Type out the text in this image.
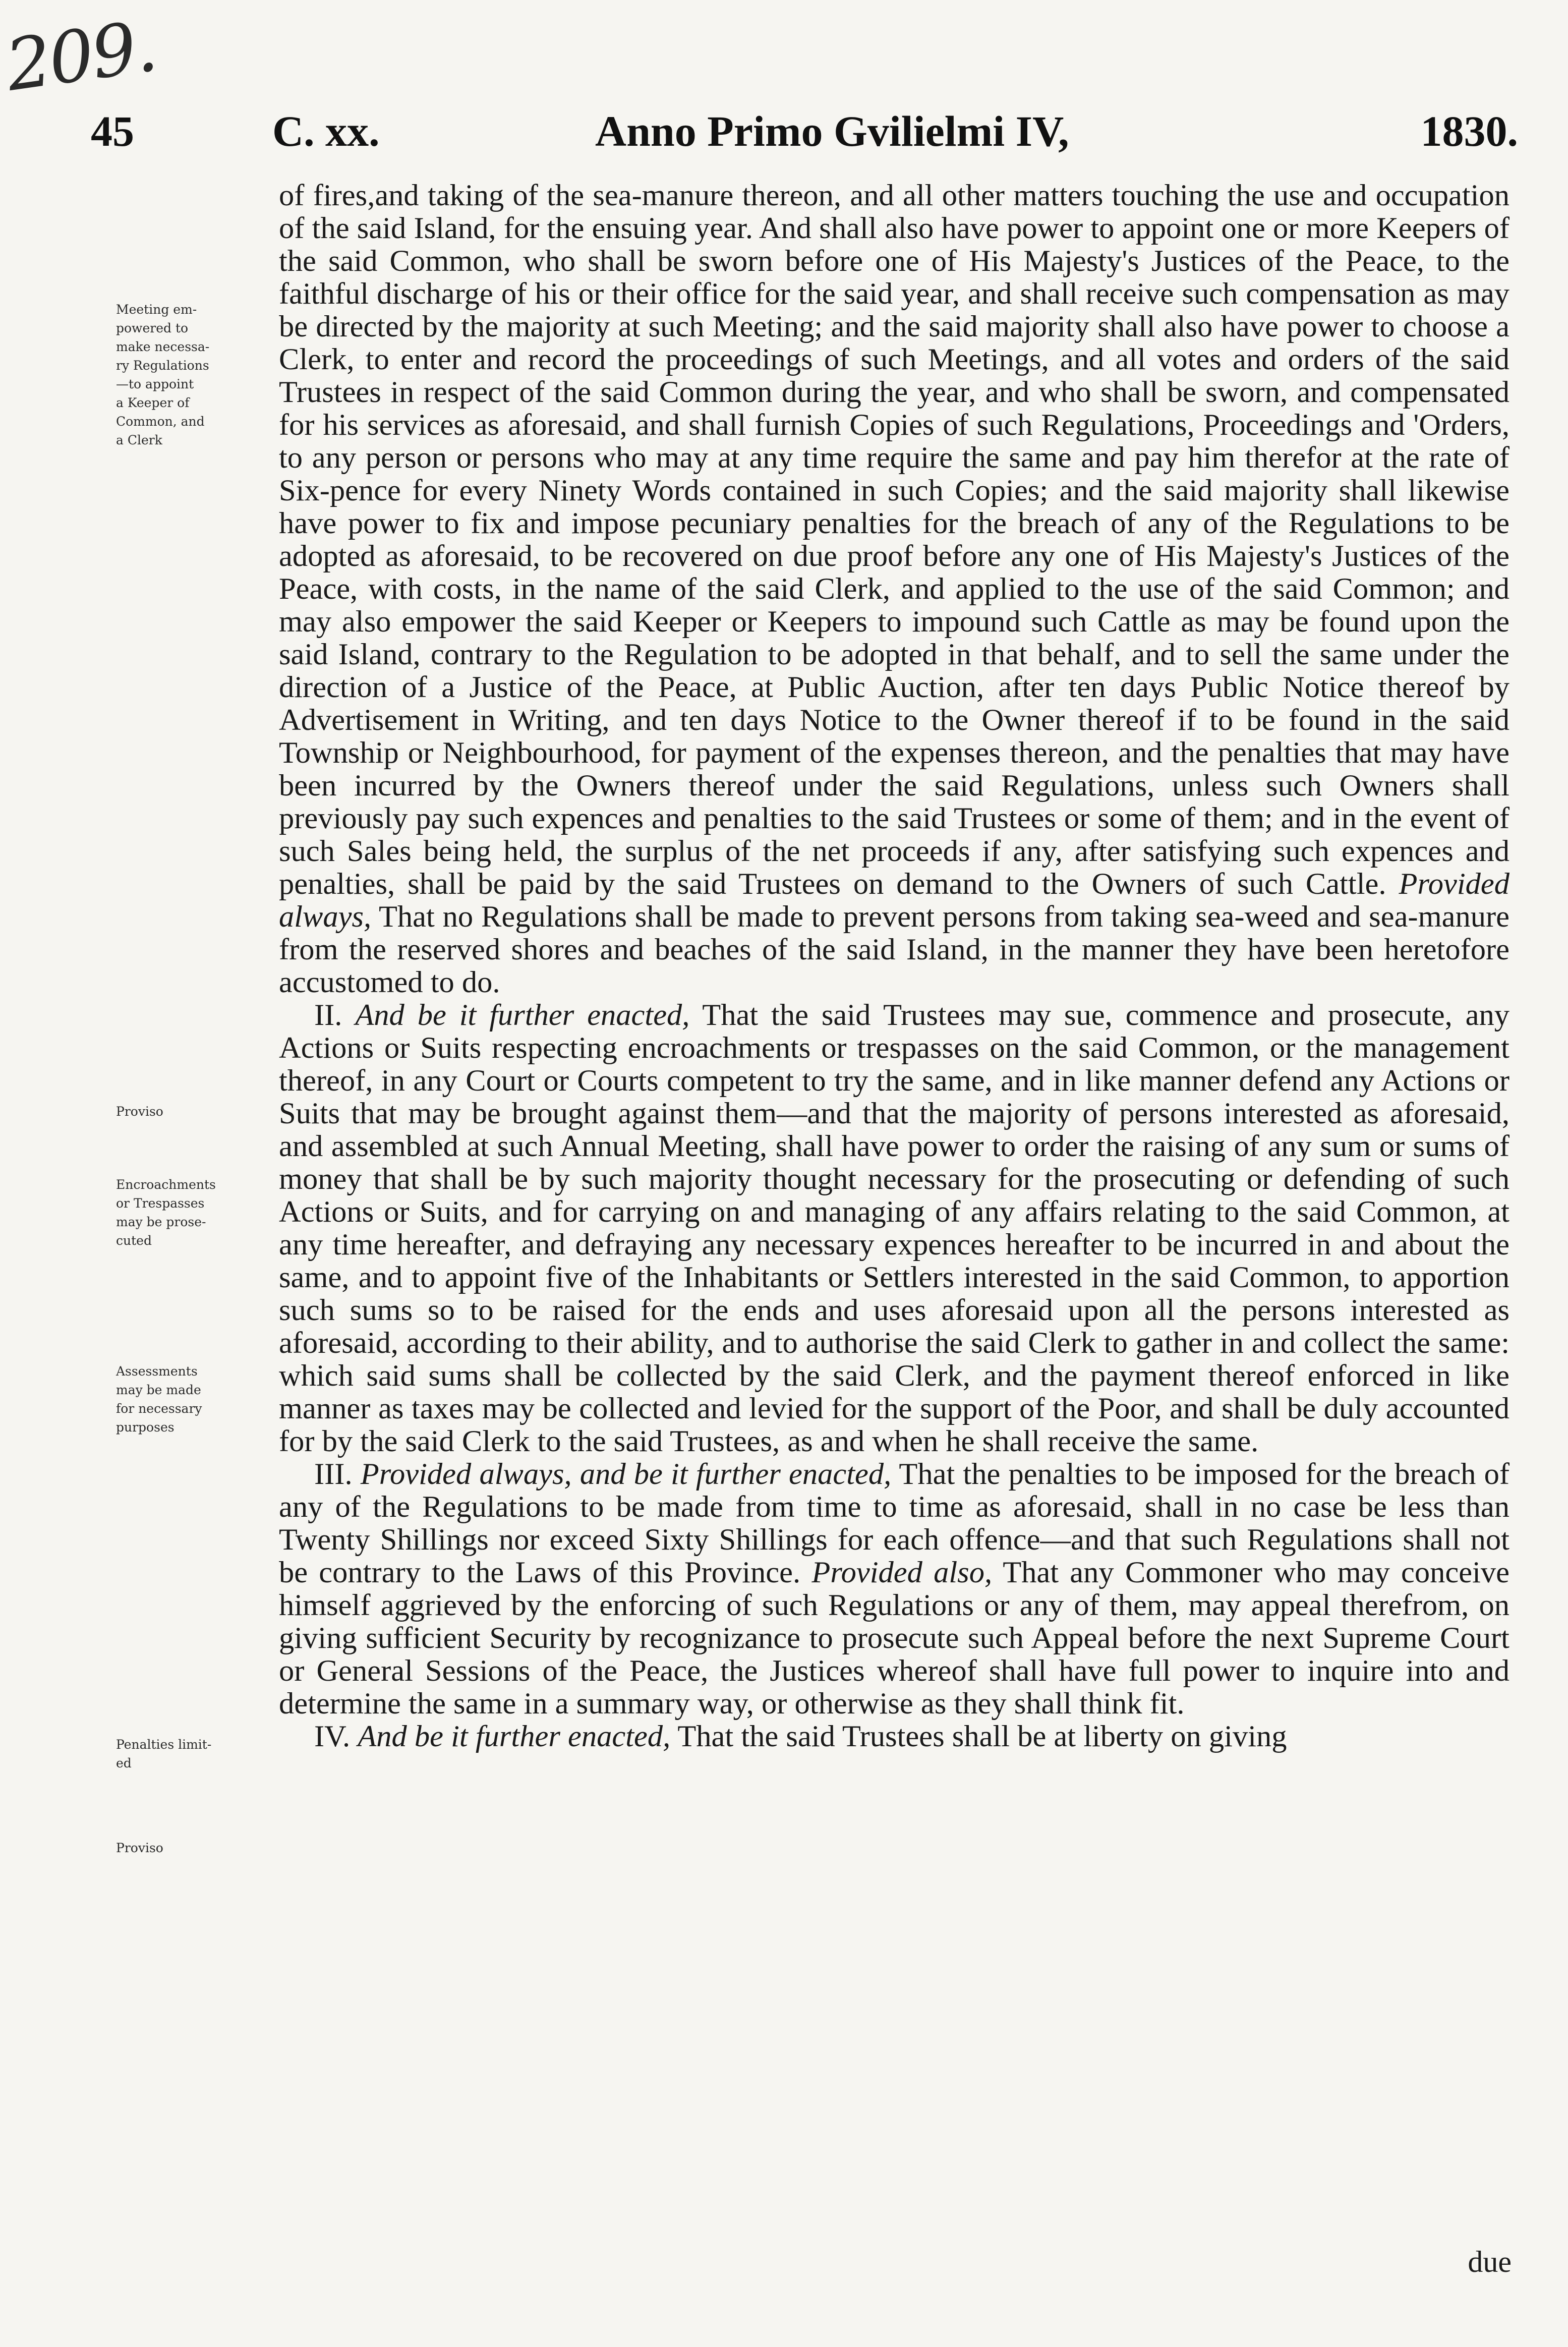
209.
45	C. xx.	Anno Primo Gvilielmi IV,	1830.
Meeting em-
powered to
make necessa-
ry Regulations
—to appoint
a Keeper of
Common, and
a Clerk
Proviso
Encroachments
or Trespasses
may be prose-
cuted
Assessments
may be made
for necessary
purposes
Penalties limit-
ed
Proviso

of fires,and taking of the sea-manure thereon, and all other matters touching the use and occupation of the said Island, for the ensuing year. And shall also have power to appoint one or more Keepers of the said Common, who shall be sworn before one of His Majesty's Justices of the Peace, to the faithful discharge of his or their office for the said year, and shall receive such compensation as may be directed by the majority at such Meeting; and the said majority shall also have power to choose a Clerk, to enter and record the proceedings of such Meetings, and all votes and orders of the said Trustees in respect of the said Common during the year, and who shall be sworn, and compensated for his services as aforesaid, and shall furnish Copies of such Regulations, Proceedings and 'Orders, to any person or persons who may at any time require the same and pay him therefor at the rate of Six-pence for every Ninety Words contained in such Copies; and the said majority shall likewise have power to fix and impose pecuniary penalties for the breach of any of the Regulations to be adopted as aforesaid, to be recovered on due proof before any one of His Majesty's Justices of the Peace, with costs, in the name of the said Clerk, and applied to the use of the said Common; and may also empower the said Keeper or Keepers to impound such Cattle as may be found upon the said Island, contrary to the Regulation to be adopted in that behalf, and to sell the same under the direction of a Justice of the Peace, at Public Auction, after ten days Public Notice thereof by Advertisement in Writing, and ten days Notice to the Owner thereof if to be found in the said Township or Neighbourhood, for payment of the expenses thereon, and the penalties that may have been incurred by the Owners thereof under the said Regulations, unless such Owners shall previously pay such expences and penalties to the said Trustees or some of them; and in the event of such Sales being held, the surplus of the net proceeds if any, after satisfying such expences and penalties, shall be paid by the said Trustees on demand to the Owners of such Cattle. Provided always, That no Regulations shall be made to prevent persons from taking sea-weed and sea-manure from the reserved shores and beaches of the said Island, in the manner they have been heretofore accustomed to do.

II. And be it further enacted, That the said Trustees may sue, commence and prosecute, any Actions or Suits respecting encroachments or trespasses on the said Common, or the management thereof, in any Court or Courts competent to try the same, and in like manner defend any Actions or Suits that may be brought against them—and that the majority of persons interested as aforesaid, and assembled at such Annual Meeting, shall have power to order the raising of any sum or sums of money that shall be by such majority thought necessary for the prosecuting or defending of such Actions or Suits, and for carrying on and managing of any affairs relating to the said Common, at any time hereafter, and defraying any necessary expences hereafter to be incurred in and about the same, and to appoint five of the Inhabitants or Settlers interested in the said Common, to apportion such sums so to be raised for the ends and uses aforesaid upon all the persons interested as aforesaid, according to their ability, and to authorise the said Clerk to gather in and collect the same: which said sums shall be collected by the said Clerk, and the payment thereof enforced in like manner as taxes may be collected and levied for the support of the Poor, and shall be duly accounted for by the said Clerk to the said Trustees, as and when he shall receive the same.

III. Provided always, and be it further enacted, That the penalties to be imposed for the breach of any of the Regulations to be made from time to time as aforesaid, shall in no case be less than Twenty Shillings nor exceed Sixty Shillings for each offence—and that such Regulations shall not be contrary to the Laws of this Province. Provided also, That any Commoner who may conceive himself aggrieved by the enforcing of such Regulations or any of them, may appeal therefrom, on giving sufficient Security by recognizance to prosecute such Appeal before the next Supreme Court or General Sessions of the Peace, the Justices whereof shall have full power to inquire into and determine the same in a summary way, or otherwise as they shall think fit.

IV. And be it further enacted, That the said Trustees shall be at liberty on giving

due
